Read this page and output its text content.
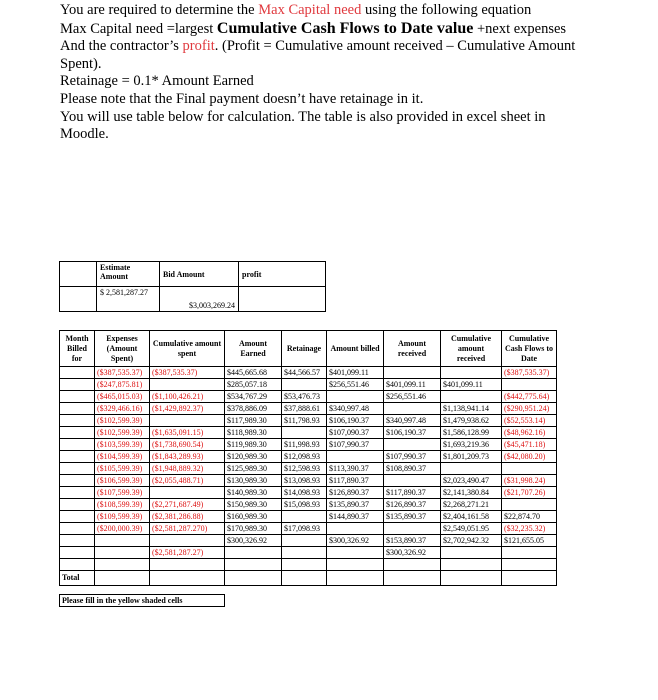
You are required to determine the Max Capital need using the following equation

Max Capital need =largest Cumulative Cash Flows to Date value +next expenses

And the contractor’s profit. (Profit = Cumulative amount received – Cumulative Amount

Spent).

Retainage = 0.1* Amount Earned

Please note that the Final payment doesn’t have retainage in it.

You will use table below for calculation. The table is also provided in excel sheet in

Moodle.

	Estimate Amount	Bid Amount	profit
	$ 2,581,287.27	$3,003,269.24	
Month Billed for	Expenses (Amount Spent)	Cumulative amount spent	Amount Earned	Retainage	Amount billed	Amount received	Cumulative amount received	Cumulative Cash Flows to Date
	($387,535.37)	($387,535.37)	$445,665.68	$44,566.57	$401,099.11			($387,535.37)
	($247,875.81)		$285,057.18		$256,551.46	$401,099.11	$401,099.11	
	($465,015.03)	($1,100,426.21)	$534,767.29	$53,476.73		$256,551.46		($442,775.64)
	($329,466.16)	($1,429,892.37)	$378,886.09	$37,888.61	$340,997.48		$1,138,941.14	($290,951.24)
	($102,599.39)		$117,989.30	$11,798.93	$106,190.37	$340,997.48	$1,479,938.62	($52,553.14)
	($102,599.39)	($1,635,091.15)	$118,989.30		$107,090.37	$106,190.37	$1,586,128.99	($48,962.16)
	($103,599.39)	($1,738,690.54)	$119,989.30	$11,998.93	$107,990.37		$1,693,219.36	($45,471.18)
	($104,599.39)	($1,843,289.93)	$120,989.30	$12,098.93		$107,990.37	$1,801,209.73	($42,080.20)
	($105,599.39)	($1,948,889.32)	$125,989.30	$12,598.93	$113,390.37	$108,890.37		
	($106,599.39)	($2,055,488.71)	$130,989.30	$13,098.93	$117,890.37		$2,023,490.47	($31,998.24)
	($107,599.39)		$140,989.30	$14,098.93	$126,890.37	$117,890.37	$2,141,380.84	($21,707.26)
	($108,599.39)	($2,271,687.49)	$150,989.30	$15,098.93	$135,890.37	$126,890.37	$2,268,271.21	
	($109,599.39)	($2,381,286.88)	$160,989.30		$144,890.37	$135,890.37	$2,404,161.58	$22,874.70
	($200,000.39)	($2,581,287.270)	$170,989.30	$17,098.93			$2,549,051.95	($32,235.32)
			$300,326.92		$300,326.92	$153,890.37	$2,702,942.32	$121,655.05
		($2,581,287.27)				$300,326.92		

Total								

Please fill in the yellow shaded cells								
